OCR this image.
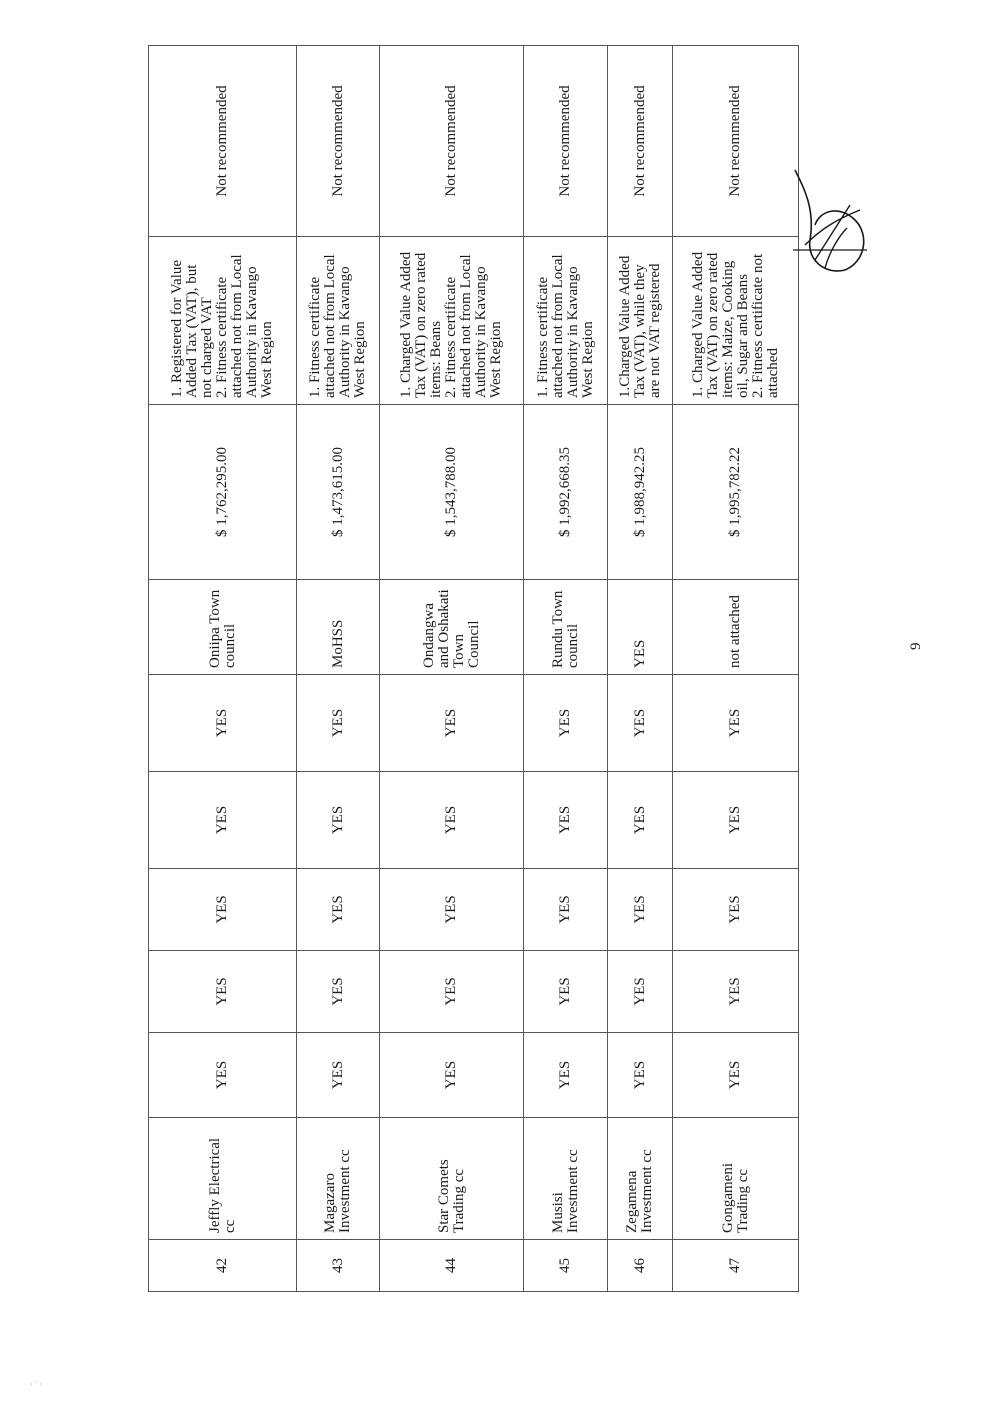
42	Jeffly Electrical cc	YES	YES	YES	YES	YES	Oniipa Town council	$ 1,762,295.00	1. Registered for Value Added Tax (VAT), but not charged VAT 2. Fitness certificate attached not from Local Authority in Kavango West Region	Not recommended
43	Magazaro Investment cc	YES	YES	YES	YES	YES	MoHSS	$ 1,473,615.00	1. Fitness certificate attached not from Local Authority in Kavango West Region	Not recommended
44	Star Comets Trading cc	YES	YES	YES	YES	YES	Ondangwa and Oshakati Town Council	$ 1,543,788.00	1. Charged Value Added Tax (VAT) on zero rated items: Beans 2. Fitness certificate attached not from Local Authority in Kavango West Region	Not recommended
45	Musisi Investment cc	YES	YES	YES	YES	YES	Rundu Town council	$ 1,992,668.35	1. Fitness certificate attached not from Local Authority in Kavango West Region	Not recommended
46	Zegamena Investment cc	YES	YES	YES	YES	YES	YES	$ 1,988,942.25	1.Charged Value Added Tax (VAT), while they are not VAT registered	Not recommended
47	Gongameni Trading cc	YES	YES	YES	YES	YES	not attached	$ 1,995,782.22	1. Charged Value Added Tax (VAT) on zero rated items: Maize, Cooking oil, Sugar and Beans 2. Fitness certificate not attached	Not recommended
9
· ˙ ·
